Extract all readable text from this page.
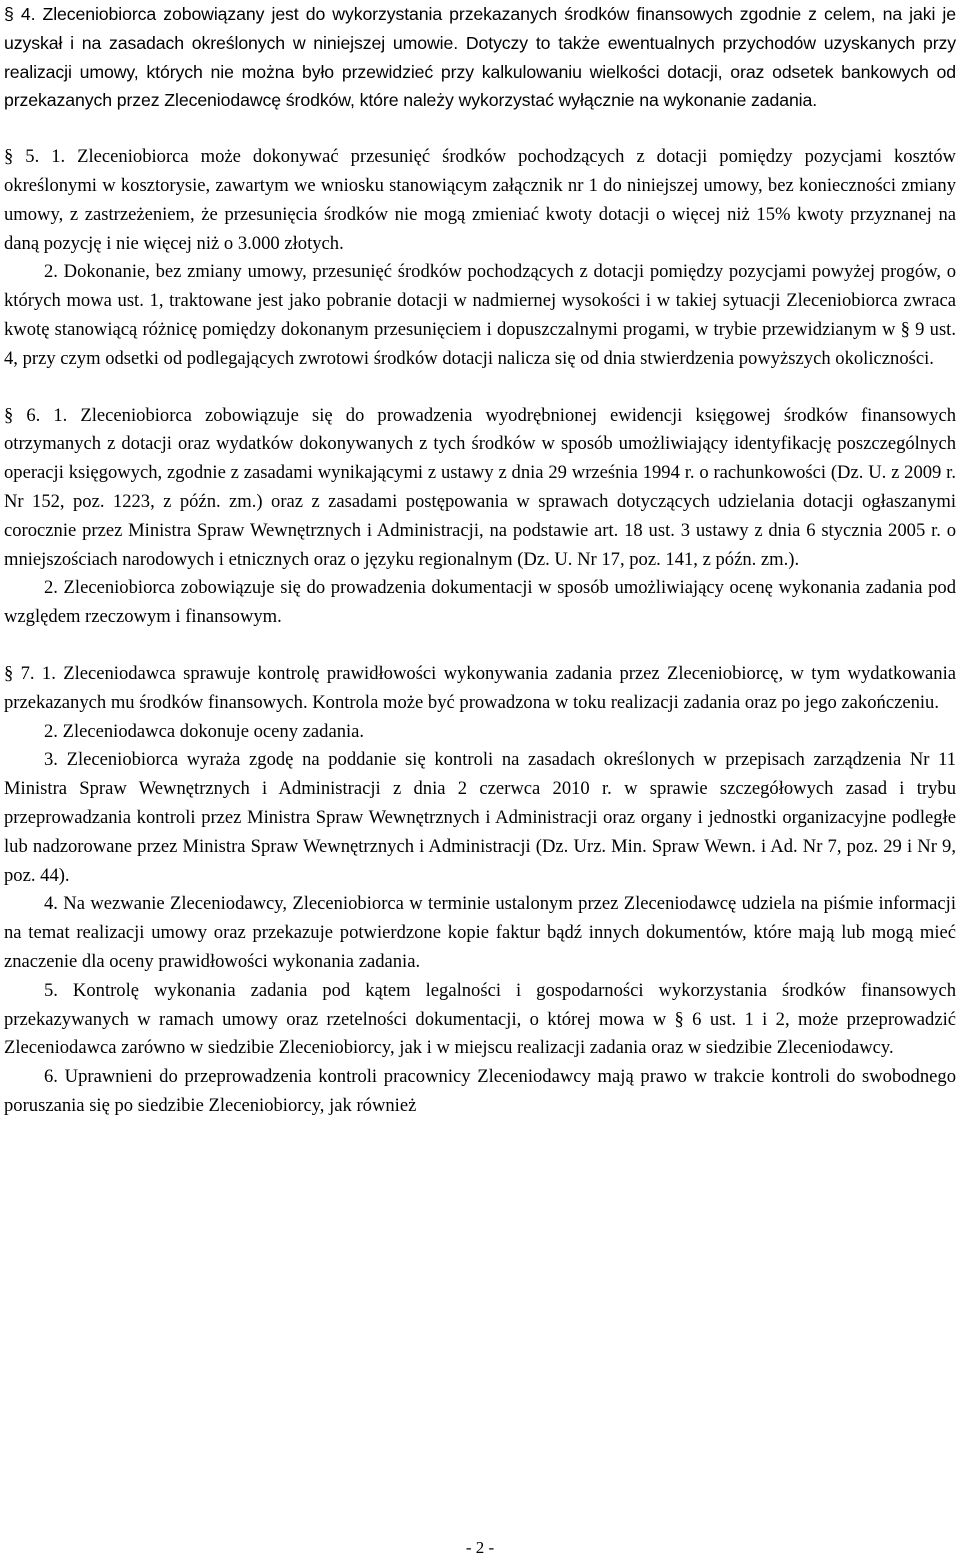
§ 4. Zleceniobiorca zobowiązany jest do wykorzystania przekazanych środków finansowych zgodnie z celem, na jaki je uzyskał i na zasadach określonych w niniejszej umowie. Dotyczy to także ewentualnych przychodów uzyskanych przy realizacji umowy, których nie można było przewidzieć przy kalkulowaniu wielkości dotacji, oraz odsetek bankowych od przekazanych przez Zleceniodawcę środków, które należy wykorzystać wyłącznie na wykonanie zadania.

§ 5. 1. Zleceniobiorca może dokonywać przesunięć środków pochodzących z dotacji pomiędzy pozycjami kosztów określonymi w kosztorysie, zawartym we wniosku stanowiącym załącznik nr 1 do niniejszej umowy, bez konieczności zmiany umowy, z zastrzeżeniem, że przesunięcia środków nie mogą zmieniać kwoty dotacji o więcej niż 15% kwoty przyznanej na daną pozycję i nie więcej niż o 3.000 złotych.

2. Dokonanie, bez zmiany umowy, przesunięć środków pochodzących z dotacji pomiędzy pozycjami powyżej progów, o których mowa ust. 1, traktowane jest jako pobranie dotacji w nadmiernej wysokości i w takiej sytuacji Zleceniobiorca zwraca kwotę stanowiącą różnicę pomiędzy dokonanym przesunięciem i dopuszczalnymi progami, w trybie przewidzianym w § 9 ust. 4, przy czym odsetki od podlegających zwrotowi środków dotacji nalicza się od dnia stwierdzenia powyższych okoliczności.

§ 6. 1. Zleceniobiorca zobowiązuje się do prowadzenia wyodrębnionej ewidencji księgowej środków finansowych otrzymanych z dotacji oraz wydatków dokonywanych z tych środków w sposób umożliwiający identyfikację poszczególnych operacji księgowych, zgodnie z zasadami wynikającymi z ustawy z dnia 29 września 1994 r. o rachunkowości (Dz. U. z 2009 r. Nr 152, poz. 1223, z późn. zm.) oraz z zasadami postępowania w sprawach dotyczących udzielania dotacji ogłaszanymi corocznie przez Ministra Spraw Wewnętrznych i Administracji, na podstawie art. 18 ust. 3 ustawy z dnia 6 stycznia 2005 r. o mniejszościach narodowych i etnicznych oraz o języku regionalnym (Dz. U. Nr 17, poz. 141, z późn. zm.).

2. Zleceniobiorca zobowiązuje się do prowadzenia dokumentacji w sposób umożliwiający ocenę wykonania zadania pod względem rzeczowym i finansowym.

§ 7. 1. Zleceniodawca sprawuje kontrolę prawidłowości wykonywania zadania przez Zleceniobiorcę, w tym wydatkowania przekazanych mu środków finansowych. Kontrola może być prowadzona w toku realizacji zadania oraz po jego zakończeniu.

2. Zleceniodawca dokonuje oceny zadania.

3. Zleceniobiorca wyraża zgodę na poddanie się kontroli na zasadach określonych w przepisach zarządzenia Nr 11 Ministra Spraw Wewnętrznych i Administracji z dnia 2 czerwca 2010 r. w sprawie szczegółowych zasad i trybu przeprowadzania kontroli przez Ministra Spraw Wewnętrznych i Administracji oraz organy i jednostki organizacyjne podległe lub nadzorowane przez Ministra Spraw Wewnętrznych i Administracji (Dz. Urz. Min. Spraw Wewn. i Ad. Nr 7, poz. 29 i Nr 9, poz. 44).

4. Na wezwanie Zleceniodawcy, Zleceniobiorca w terminie ustalonym przez Zleceniodawcę udziela na piśmie informacji na temat realizacji umowy oraz przekazuje potwierdzone kopie faktur bądź innych dokumentów, które mają lub mogą mieć znaczenie dla oceny prawidłowości wykonania zadania.

5. Kontrolę wykonania zadania pod kątem legalności i gospodarności wykorzystania środków finansowych przekazywanych w ramach umowy oraz rzetelności dokumentacji, o której mowa w § 6 ust. 1 i 2, może przeprowadzić Zleceniodawca zarówno w siedzibie Zleceniobiorcy, jak i w miejscu realizacji zadania oraz w siedzibie Zleceniodawcy.

6. Uprawnieni do przeprowadzenia kontroli pracownicy Zleceniodawcy mają prawo w trakcie kontroli do swobodnego poruszania się po siedzibie Zleceniobiorcy, jak również

- 2 -
